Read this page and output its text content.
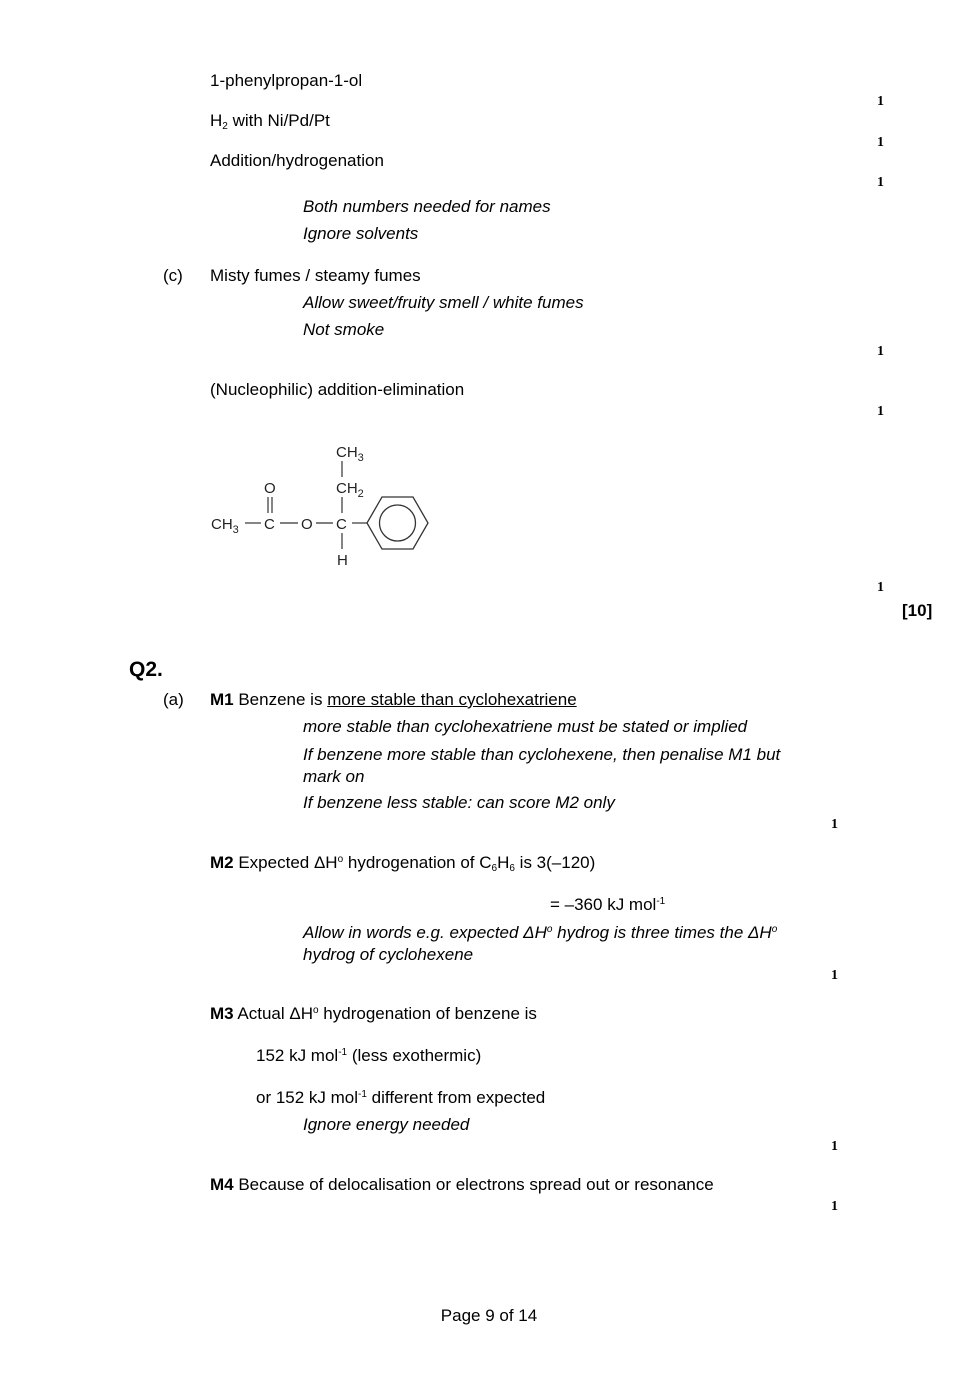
1-phenylpropan-1-ol
1
$H_2$ with Ni/Pd/Pt
1
Addition/hydrogenation
1
Both numbers needed for names
Ignore solvents
(c) Misty fumes / steamy fumes
Allow sweet/fruity smell / white fumes
Not smoke
1
(Nucleophilic) addition-elimination
1
$CH_3$
$CH_2$
O
$CH_3$ C O C
H
1
[10]
Q2.
(a) M1 Benzene is more stable than cyclohexatriene
more stable than cyclohexatriene must be stated or implied
If benzene more stable than cyclohexene, then penalise M1 but mark on
If benzene less stable: can score M2 only
1
M2 Expected $\Delta H^o$ hydrogenation of $C_6H_6$ is 3(–120)
= –360 kJ mol$^{-1}$
Allow in words e.g. expected $\Delta H^o$ hydrog is three times the $\Delta H^o$ hydrog of cyclohexene
1
M3 Actual $\Delta H^o$ hydrogenation of benzene is
152 kJ mol$^{-1}$ (less exothermic)
or 152 kJ mol$^{-1}$ different from expected
Ignore energy needed
1
M4 Because of delocalisation or electrons spread out or resonance
1
Page 9 of 14
